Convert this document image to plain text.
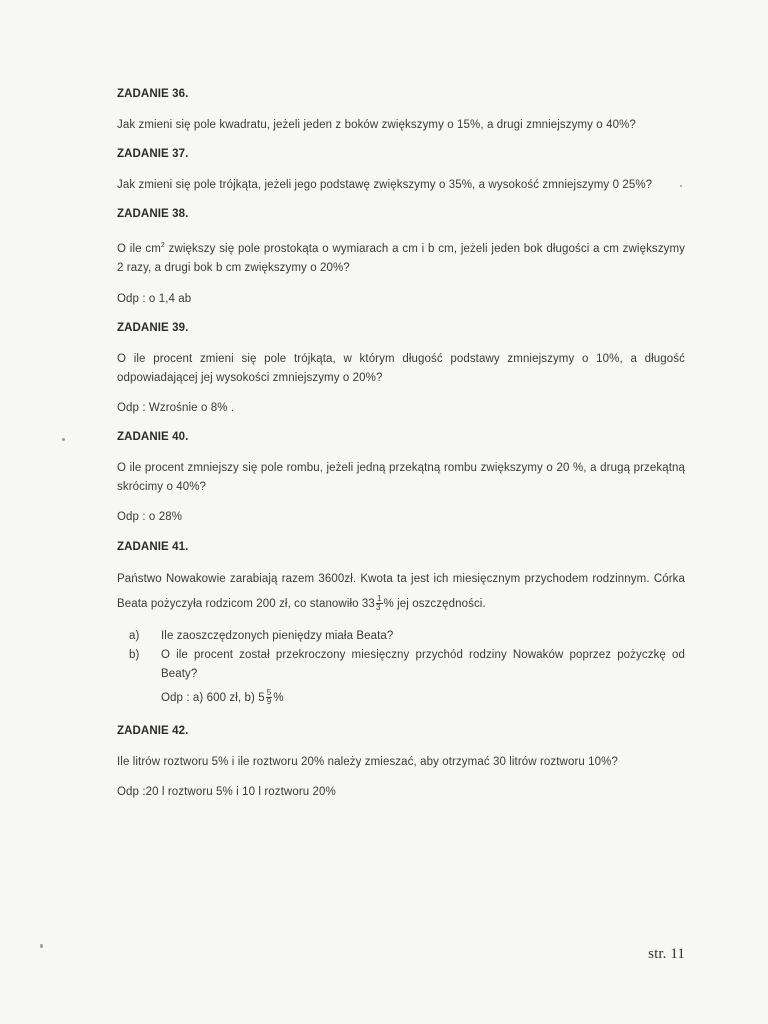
ZADANIE 36.

Jak zmieni się pole kwadratu, jeżeli jeden z boków zwiększymy o 15%, a drugi zmniejszymy o 40%?

ZADANIE 37.

Jak zmieni się pole trójkąta, jeżeli jego podstawę zwiększymy o 35%, a wysokość zmniejszymy 0 25%?

ZADANIE 38.

O ile $cm^2$ zwiększy się pole prostokąta o wymiarach a cm i b cm, jeżeli jeden bok długości a cm zwiększymy 2 razy, a drugi bok b cm zwiększymy o 20%?

Odp : o 1,4 ab

ZADANIE 39.

O ile procent zmieni się pole trójkąta, w którym długość podstawy zmniejszymy o 10%, a długość odpowiadającej jej wysokości zmniejszymy o 20%?

Odp : Wzrośnie o 8% .

ZADANIE 40.

O ile procent zmniejszy się pole rombu, jeżeli jedną przekątną rombu zwiększymy o 20 %, a drugą przekątną skrócimy o 40%?

Odp : o 28%

ZADANIE 41.

Państwo Nowakowie zarabiają razem 3600zł. Kwota ta jest ich miesięcznym przychodem rodzinnym. Córka Beata pożyczyła rodzicom 200 zł, co stanowiło $33 \frac{1}{3}$ % jej oszczędności.

a) Ile zaoszczędzonych pieniędzy miała Beata?
b) O ile procent został przekroczony miesięczny przychód rodziny Nowaków poprzez pożyczkę od Beaty?

Odp : a) 600 zł, b) $5 \frac{5}{9}$ %

ZADANIE 42.

Ile litrów roztworu 5% i ile roztworu 20% należy zmieszać, aby otrzymać 30 litrów roztworu 10%?

Odp :20 l roztworu 5% i 10 l roztworu 20%

str. 11
